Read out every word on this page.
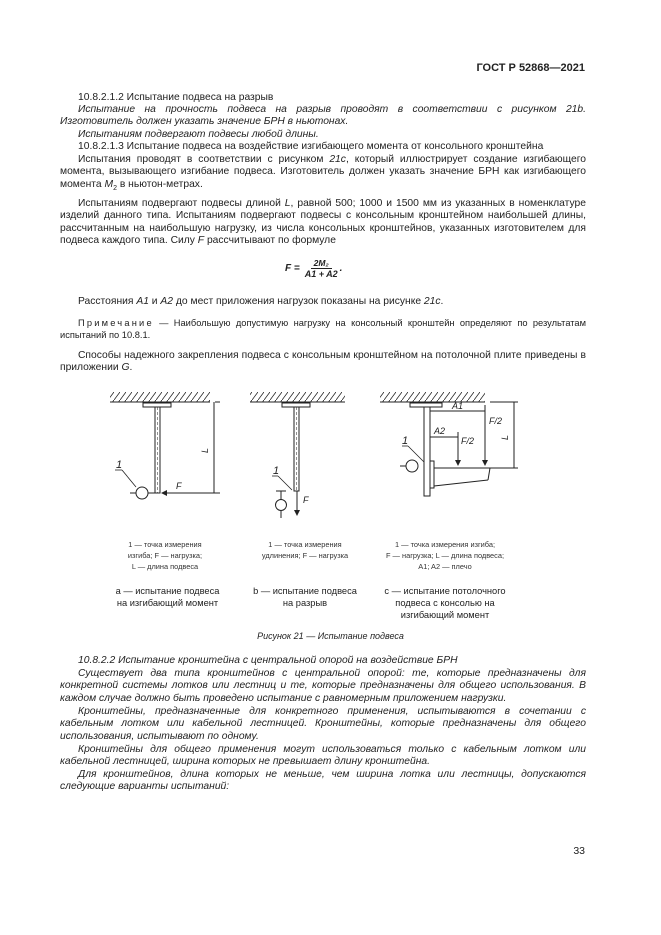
ГОСТ Р 52868—2021

10.8.2.1.2 Испытание подвеса на разрыв

Испытание на прочность подвеса на разрыв проводят в соответствии с рисунком 21b. Изготовитель должен указать значение БРН в ньютонах.

Испытаниям подвергают подвесы любой длины.

10.8.2.1.3 Испытание подвеса на воздействие изгибающего момента от консольного кронштейна

Испытания проводят в соответствии с рисунком 21c, который иллюстрирует создание изгибающего момента, вызывающего изгибание подвеса. Изготовитель должен указать значение БРН как изгибающего момента $M_2$ в ньютон-метрах.

Испытаниям подвергают подвесы длиной L, равной 500; 1000 и 1500 мм из указанных в номенклатуре изделий данного типа. Испытаниям подвергают подвесы с консольным кронштейном наибольшей длины, рассчитанным на наибольшую нагрузку, из числа консольных кронштейнов, указанных изготовителем для подвеса каждого типа. Силу F рассчитывают по формуле

$F = \frac{\text{2M₂}}{A1 + A2}$ .

Расстояния A1 и A2 до мест приложения нагрузок показаны на рисунке 21c.

Примечание — Наибольшую допустимую нагрузку на консольный кронштейн определяют по результатам испытаний по 10.8.1.

Способы надежного закрепления подвеса с консольным кронштейном на потолочной плите приведены в приложении G.

1
F
L
1
F
1
A1
A2
F/2
F/2	L
1 — точка измерения
изгиба; F — нагрузка;
L — длина подвеса
1 — точка измерения
удлинения; F — нагрузка
1 — точка измерения изгиба;
F — нагрузка; L — длина подвеса;
A1; A2 — плечо
a — испытание подвеса
на изгибающий момент
b — испытание подвеса
на разрыв
c — испытание потолочного
подвеса с консолью на
изгибающий момент
Рисунок 21 — Испытание подвеса

10.8.2.2 Испытание кронштейна с центральной опорой на воздействие БРН

Существует два типа кронштейнов с центральной опорой: те, которые предназначены для конкретной системы лотков или лестниц и те, которые предназначены для общего использования. В каждом случае должно быть проведено испытание с равномерным приложением нагрузки.

Кронштейны, предназначенные для конкретного применения, испытываются в сочетании с кабельным лотком или кабельной лестницей. Кронштейны, которые предназначены для общего использования, испытывают по одному.

Кронштейны для общего применения могут использоваться только с кабельным лотком или кабельной лестницей, ширина которых не превышает длину кронштейна.

Для кронштейнов, длина которых не меньше, чем ширина лотка или лестницы, допускаются следующие варианты испытаний:

33
